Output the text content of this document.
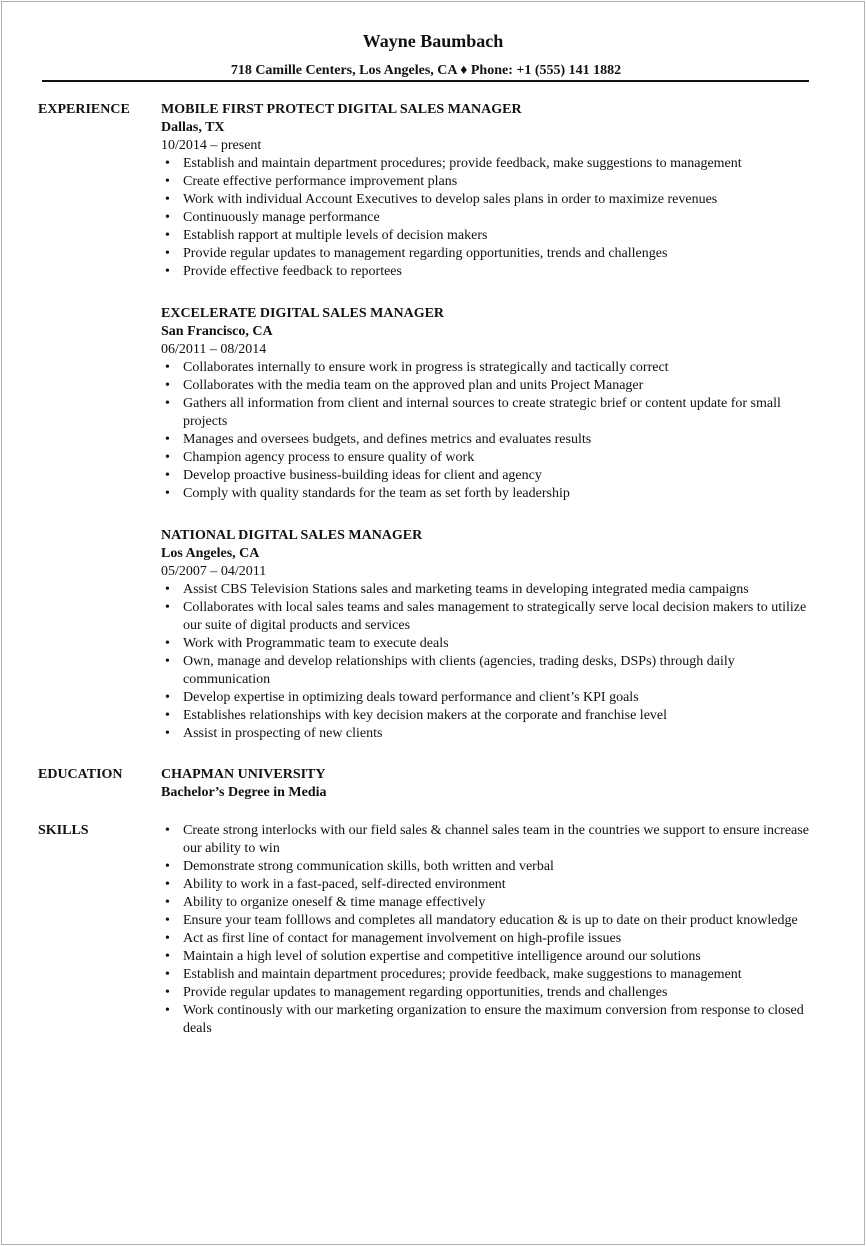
Wayne Baumbach
718 Camille Centers, Los Angeles, CA ♦ Phone: +1 (555) 141 1882
EXPERIENCE MOBILE FIRST PROTECT DIGITAL SALES MANAGER
Dallas, TX
10/2014 – present
• Establish and maintain department procedures; provide feedback, make suggestions to management
• Create effective performance improvement plans
• Work with individual Account Executives to develop sales plans in order to maximize revenues
• Continuously manage performance
• Establish rapport at multiple levels of decision makers
• Provide regular updates to management regarding opportunities, trends and challenges
• Provide effective feedback to reportees
EXCELERATE DIGITAL SALES MANAGER
San Francisco, CA
06/2011 – 08/2014
• Collaborates internally to ensure work in progress is strategically and tactically correct
• Collaborates with the media team on the approved plan and units Project Manager
• Gathers all information from client and internal sources to create strategic brief or content update for small projects
• Manages and oversees budgets, and defines metrics and evaluates results
• Champion agency process to ensure quality of work
• Develop proactive business-building ideas for client and agency
• Comply with quality standards for the team as set forth by leadership
NATIONAL DIGITAL SALES MANAGER
Los Angeles, CA
05/2007 – 04/2011
• Assist CBS Television Stations sales and marketing teams in developing integrated media campaigns
• Collaborates with local sales teams and sales management to strategically serve local decision makers to utilize our suite of digital products and services
• Work with Programmatic team to execute deals
• Own, manage and develop relationships with clients (agencies, trading desks, DSPs) through daily communication
• Develop expertise in optimizing deals toward performance and client’s KPI goals
• Establishes relationships with key decision makers at the corporate and franchise level
• Assist in prospecting of new clients
EDUCATION	CHAPMAN UNIVERSITY
Bachelor’s Degree in Media
SKILLS
•	Create strong interlocks with our field sales & channel sales team in the countries we support to ensure increase our ability to win
• Demonstrate strong communication skills, both written and verbal
• Ability to work in a fast-paced, self-directed environment
• Ability to organize oneself & time manage effectively
• Ensure your team folllows and completes all mandatory education & is up to date on their product knowledge
• Act as first line of contact for management involvement on high-profile issues
• Maintain a high level of solution expertise and competitive intelligence around our solutions
• Establish and maintain department procedures; provide feedback, make suggestions to management
• Provide regular updates to management regarding opportunities, trends and challenges
• Work continously with our marketing organization to ensure the maximum conversion from response to closed deals
